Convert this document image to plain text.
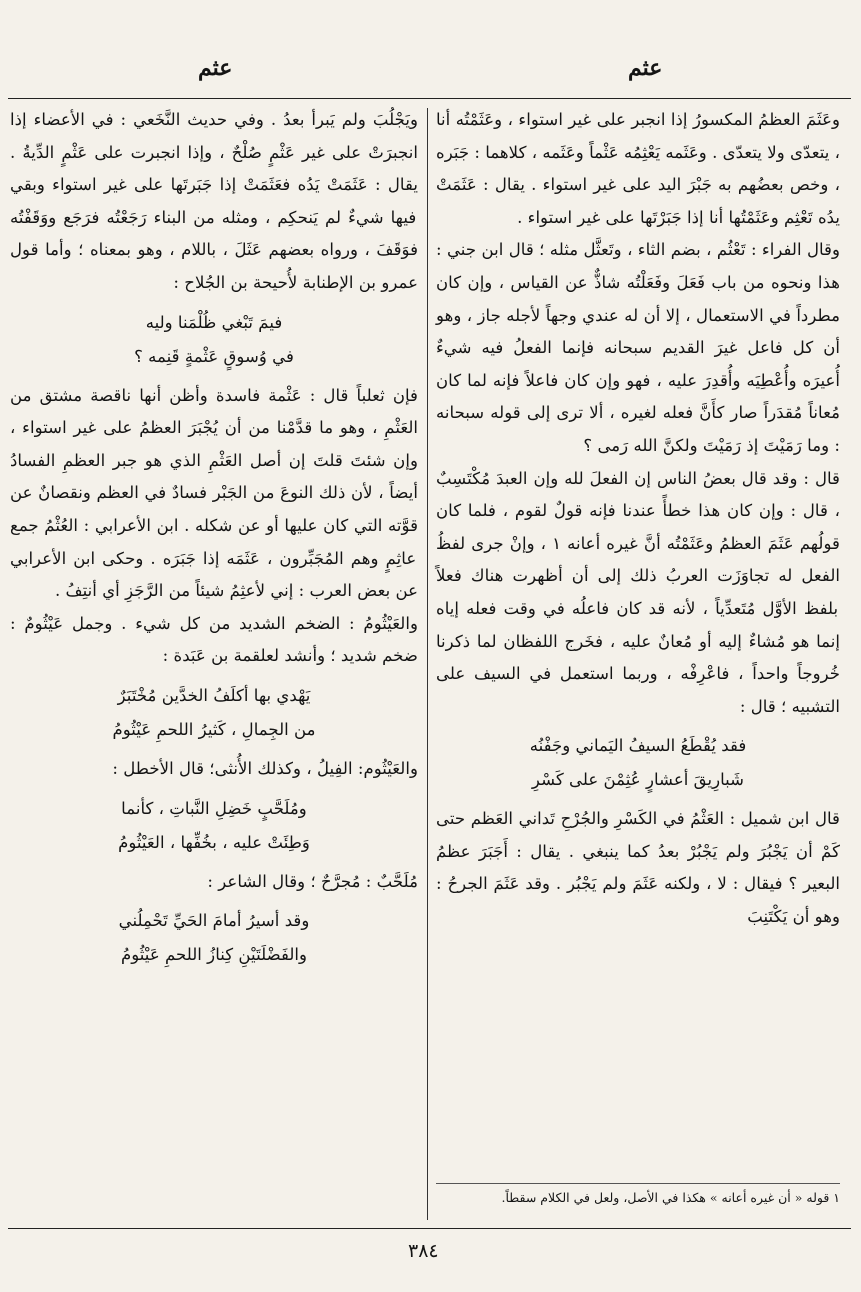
عثم
عثم

وعَثَمَ العظمُ المكسورُ إذا انجبر على غير استواء ، وعَثَمْتُه أنا ، يتعدّى ولا يتعدّى . وعَثَمه يَعْثِمُه عَثْماً وعَثَمه ، كلاهما : جَبَره ، وخص بعضُهم به جَبْرَ اليد على غير استواء . يقال : عَثَمَتْ يدُه تَعْثِم وعَثَمْتُها أنا إذا جَبَرْتَها على غير استواء .

وقال الفراء : تَعْثُم ، بضم الثاء ، وتَعثَّل مثله ؛ قال ابن جني : هذا ونحوه من باب فَعَلَ وفَعَلْتُه شاذٌّ عن القياس ، وإن كان مطرداً في الاستعمال ، إلا أن له عندي وجهاً لأجله جاز ، وهو أن كل فاعل غيرَ القديم سبحانه فإنما الفعلُ فيه شيءٌ أُعيرَه وأُعْطِيَه وأُقدِرَ عليه ، فهو وإن كان فاعلاً فإنه لما كان مُعاناً مُقدَراً صار كأَنَّ فعله لغيره ، ألا ترى إلى قوله سبحانه : وما رَمَيْتَ إذ رَمَيْتَ ولكنَّ الله رَمى ؟

قال : وقد قال بعضُ الناس إن الفعلَ لله وإن العبدَ مُكْتَسِبٌ ، قال : وإن كان هذا خطأً عندنا فإنه قولٌ لقوم ، فلما كان قولُهم عَثَمَ العظمُ وعَثَمْتُه أنَّ غيره أعانه ١ ، وإنْ جرى لفظُ الفعل له تجاوَزَت العربُ ذلك إلى أن أظهرت هناك فعلاً بلفظ الأوَّل مُتَعدِّياً ، لأنه قد كان فاعلُه في وقت فعله إياه إنما هو مُشاءٌ إليه أو مُعانٌ عليه ، فخَرج اللفظان لما ذكرنا خُروجاً واحداً ، فاعْرِفْه ، وربما استعمل في السيف على التشبيه ؛ قال :

فقد يُقْطَعُ السيفُ اليَماني وجَفْنُه
شَبارِيقَ أعشارٍ عُثِمْنَ على كَسْرِ

قال ابن شميل : العَثْمُ في الكَسْرِ والجُرْحِ تَداني العَظم حتى كَمْ أن يَجْبُرَ ولم يَجْبُرْ بعدُ كما ينبغي . يقال : أَجَبَرَ عظمُ البعير ؟ فيقال : لا ، ولكنه عَثَمَ ولم يَجْبُر . وقد عَثَمَ الجرحُ : وهو أن يَكْتَنِبَ

١ قوله « أن غيره أعانه » هكذا في الأصل، ولعل في الكلام سقطاً.

ويَجْلُبَ ولم يَبرأ بعدُ . وفي حديث النَّخَعي : في الأعضاء إذا انجبرَتْ على غير عَثْمٍ صُلْحٌ ، وإذا انجبرت على عَثْمٍ الدِّيةُ . يقال : عَثَمَتْ يَدُه فعَثَمَتْ إذا جَبَرتَها على غير استواء وبقي فيها شيءٌ لم يَنحكِم ، ومثله من البناء رَجَعْتُه فرَجَع ووَقَفْتُه فوَقَفَ ، ورواه بعضهم عَثَلَ ، باللام ، وهو بمعناه ؛ وأما قول عمرو بن الإطنابة لأُحيحة بن الجُلاح :

فيمَ تَبْغي ظُلْمَنا وليه
في وُسوقٍ عَثْمةٍ قَنِمه ؟

فإن ثعلباً قال : عَثْمة فاسدة وأظن أنها ناقصة مشتق من العَثْمِ ، وهو ما قدَّمْنا من أن يُجْبَرَ العظمُ على غير استواء ، وإن شئتَ قلتَ إن أصل العَثْمِ الذي هو جبر العظمِ الفسادُ أيضاً ، لأن ذلك النوعَ من الجَبْر فسادٌ في العظم ونقصانٌ عن قوَّته التي كان عليها أو عن شكله . ابن الأعرابي : العُثْمُ جمع عاثِمٍ وهم المُجَبِّرون ، عَثَمَه إذا جَبَرَه . وحكى ابن الأعرابي عن بعض العرب : إني لأعثِمُ شيئاً من الرَّجَزِ أي أنتِفُ .

والعَيْثُومُ : الضخم الشديد من كل شيء . وجمل عَيْثُومٌ : ضخم شديد ؛ وأنشد لعلقمة بن عَبَدة :

يَهْدي بها أكلَفُ الخدَّين مُخْتَبَرٌ
من الجِمالِ ، كَثيرُ اللحمِ عَيْثُومُ

والعَيْثُوم: الفِيلُ ، وكذلك الأُنثى؛ قال الأخطل :

ومُلَحَّبٍ خَضِلِ النَّباتِ ، كأنما
وَطِئَتْ عليه ، بخُفِّها ، العَيْثُومُ

مُلَحَّبٌ : مُجرَّحٌ ؛ وقال الشاعر :

وقد أسيرُ أمامَ الحَيِّ تَحْمِلُني
والفَضْلَتَيْنِ كِنازُ اللحمِ عَيْثُومُ
٣٨٤
